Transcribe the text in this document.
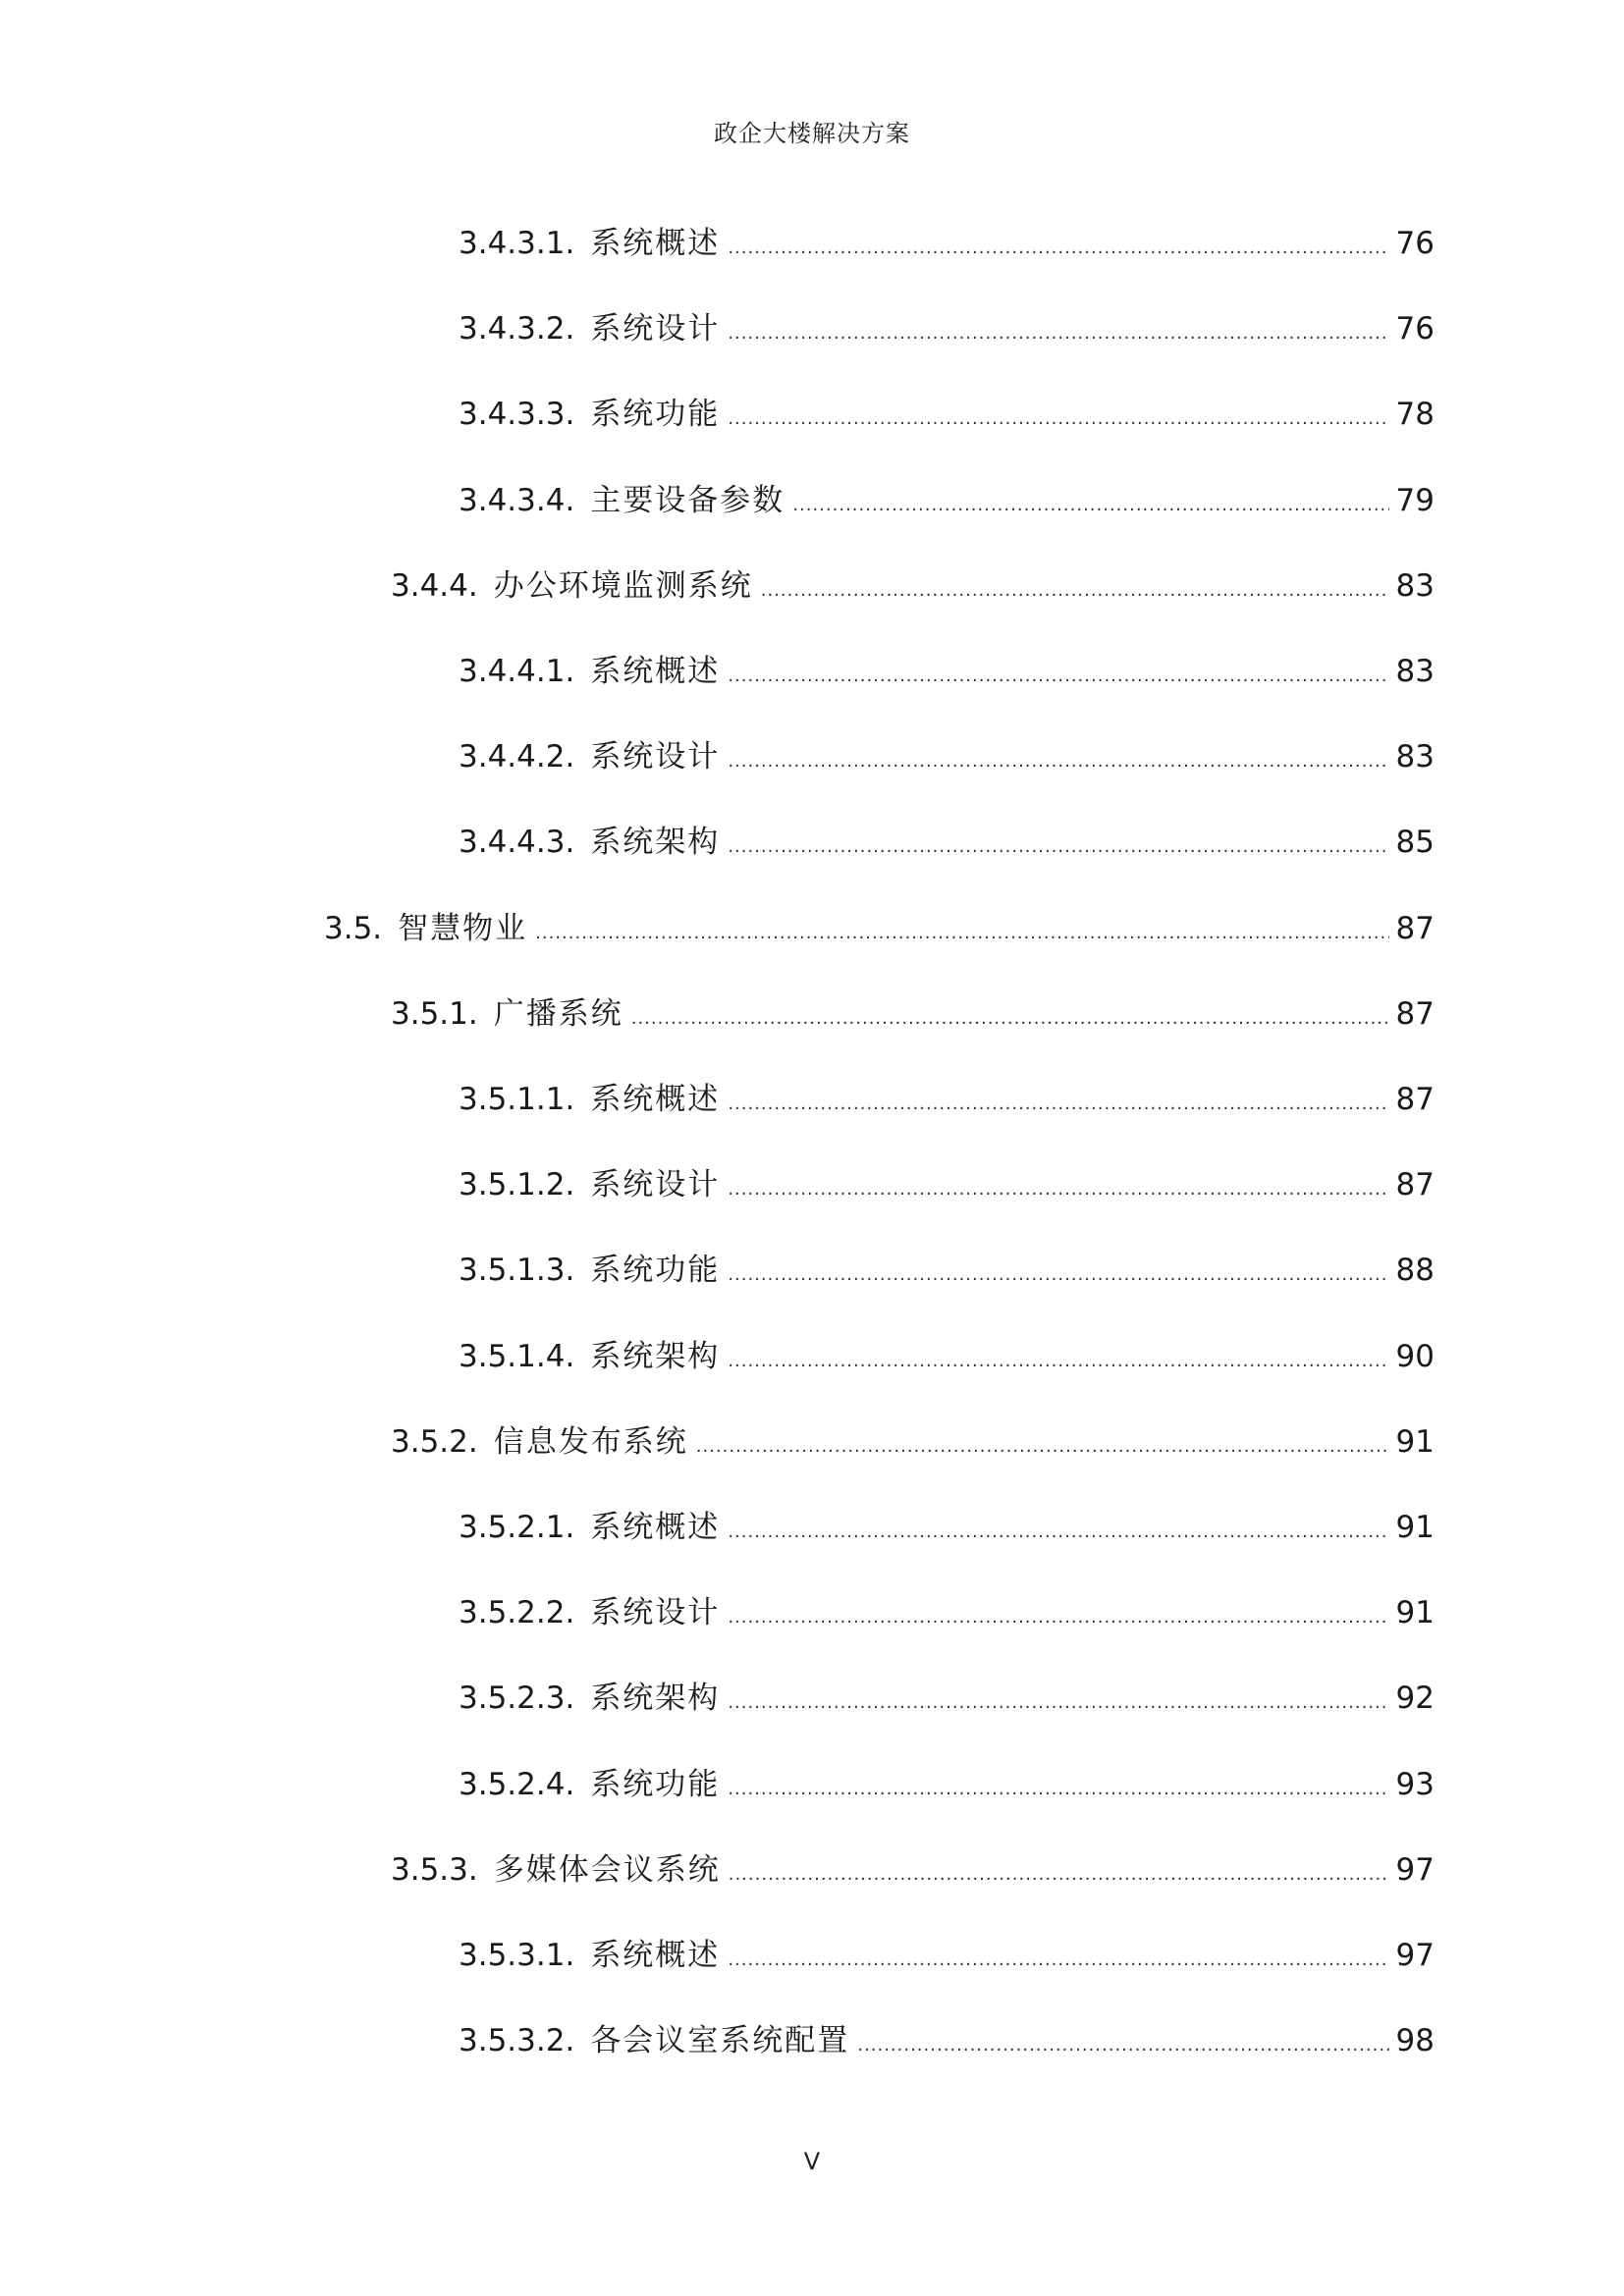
政企大楼解决方案
3.4.3.1. 系统概述 .....	76
3.4.3.2. 系统设计 .....	76
3.4.3.3. 系统功能 .....	78
3.4.3.4. 主要设备参数 .....	79
3.4.4. 办公环境监测系统 .....	83
3.4.4.1. 系统概述 .....	83
3.4.4.2. 系统设计 .....	83
3.4.4.3. 系统架构 .....	85
3.5. 智慧物业 .....	87
3.5.1. 广播系统 .....	87
3.5.1.1. 系统概述 .....	87
3.5.1.2. 系统设计 .....	87
3.5.1.3. 系统功能 .....	88
3.5.1.4. 系统架构 .....	90
3.5.2. 信息发布系统 .....	91
3.5.2.1. 系统概述 .....	91
3.5.2.2. 系统设计 .....	91
3.5.2.3. 系统架构 .....	92
3.5.2.4. 系统功能 .....	93
3.5.3. 多媒体会议系统 .....	97
3.5.3.1. 系统概述 .....	97
3.5.3.2. 各会议室系统配置 .....	98
V
